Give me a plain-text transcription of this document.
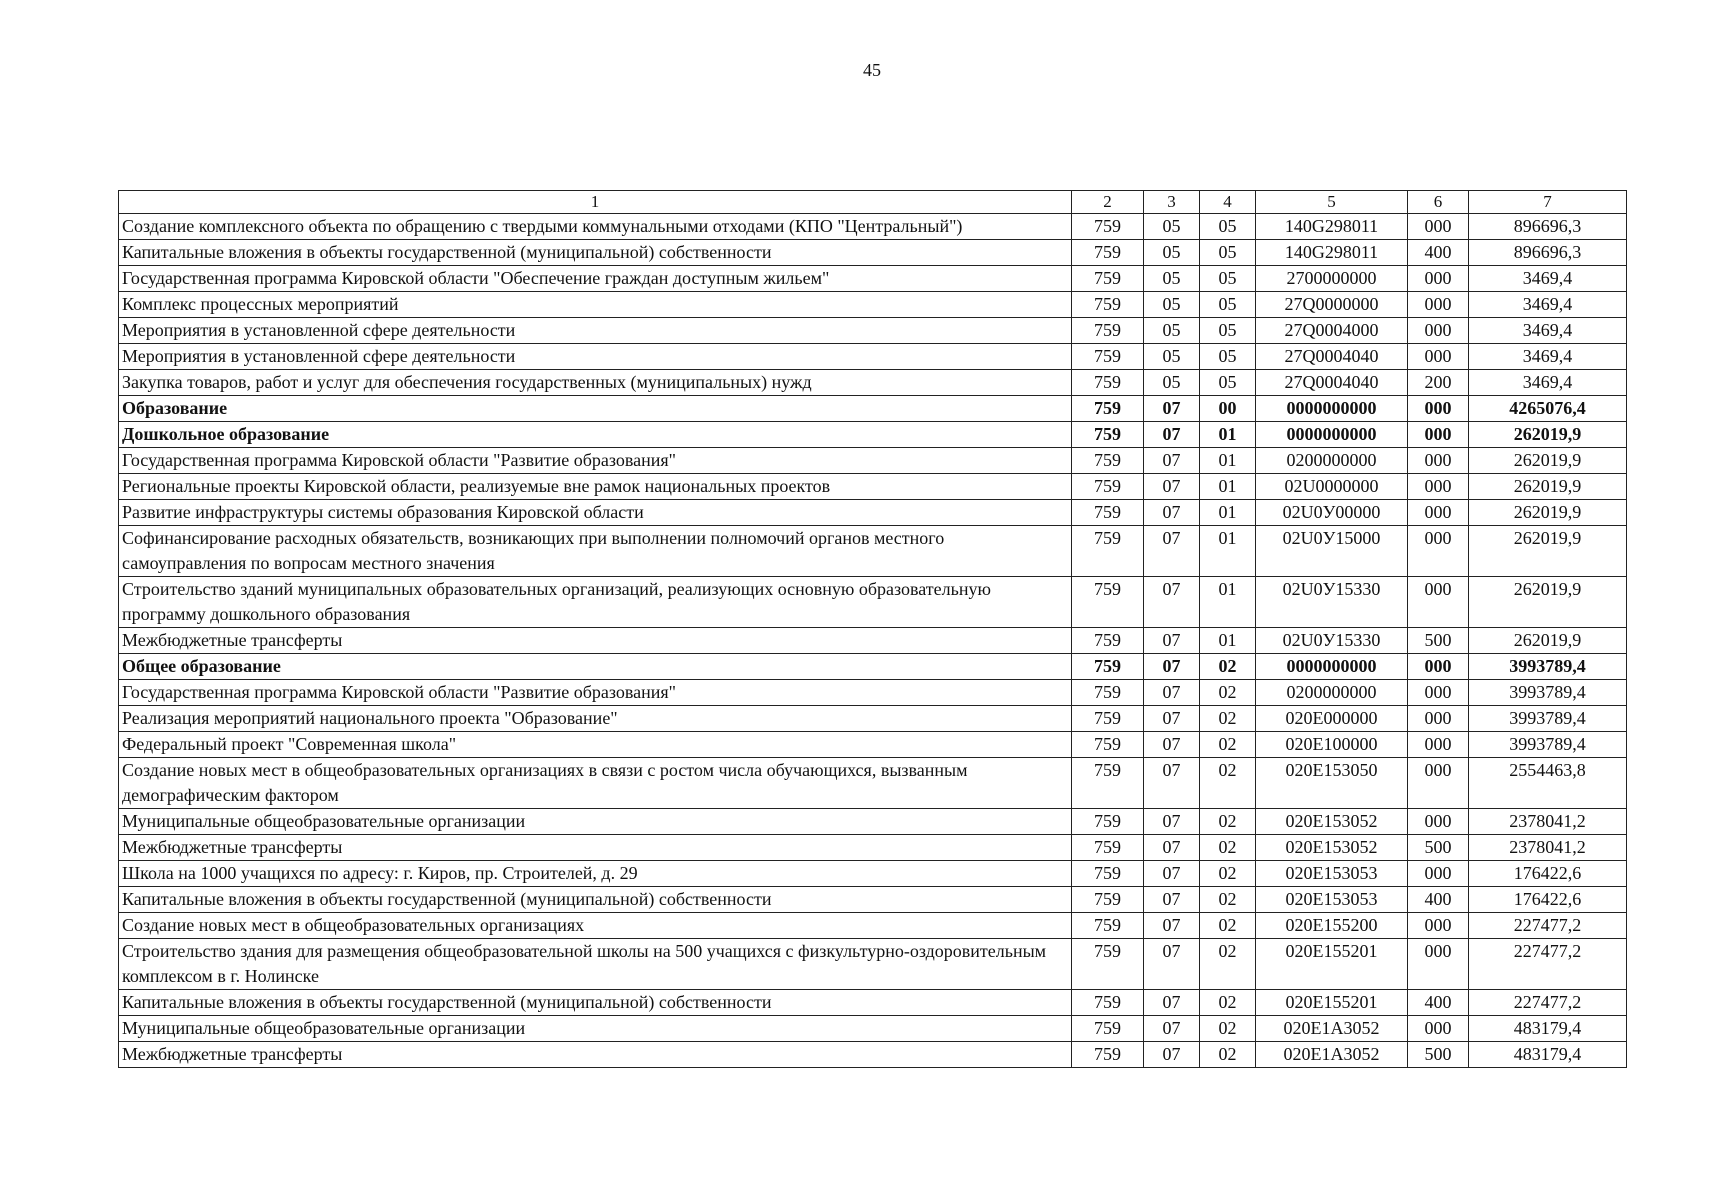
45
1	2	3	4	5	6	7
Создание комплексного объекта по обращению с твердыми коммунальными отходами (КПО "Центральный")	759	05	05	140G298011	000	896696,3
Капитальные вложения в объекты государственной (муниципальной) собственности	759	05	05	140G298011	400	896696,3
Государственная программа Кировской области "Обеспечение граждан доступным жильем"	759	05	05	2700000000	000	3469,4
Комплекс процессных мероприятий	759	05	05	27Q0000000	000	3469,4
Мероприятия в установленной сфере деятельности	759	05	05	27Q0004000	000	3469,4
Мероприятия в установленной сфере деятельности	759	05	05	27Q0004040	000	3469,4
Закупка товаров, работ и услуг для обеспечения государственных (муниципальных) нужд	759	05	05	27Q0004040	200	3469,4
Образование	759	07	00	0000000000	000	4265076,4
Дошкольное образование	759	07	01	0000000000	000	262019,9
Государственная программа Кировской области "Развитие образования"	759	07	01	0200000000	000	262019,9
Региональные проекты Кировской области, реализуемые вне рамок национальных проектов	759	07	01	02U0000000	000	262019,9
Развитие инфраструктуры системы образования Кировской области	759	07	01	02U0У00000	000	262019,9
Софинансирование расходных обязательств, возникающих при выполнении полномочий органов местного самоуправления по вопросам местного значения	759	07	01	02U0У15000	000	262019,9
Строительство зданий муниципальных образовательных организаций, реализующих основную образовательную программу дошкольного образования	759	07	01	02U0У15330	000	262019,9
Межбюджетные трансферты	759	07	01	02U0У15330	500	262019,9
Общее образование	759	07	02	0000000000	000	3993789,4
Государственная программа Кировской области "Развитие образования"	759	07	02	0200000000	000	3993789,4
Реализация мероприятий национального проекта "Образование"	759	07	02	020E000000	000	3993789,4
Федеральный проект "Современная школа"	759	07	02	020E100000	000	3993789,4
Создание новых мест в общеобразовательных организациях в связи с ростом числа обучающихся, вызванным демографическим фактором	759	07	02	020E153050	000	2554463,8
Муниципальные общеобразовательные организации	759	07	02	020E153052	000	2378041,2
Межбюджетные трансферты	759	07	02	020E153052	500	2378041,2
Школа на 1000 учащихся по адресу: г. Киров, пр. Строителей, д. 29	759	07	02	020E153053	000	176422,6
Капитальные вложения в объекты государственной (муниципальной) собственности	759	07	02	020E153053	400	176422,6
Создание новых мест в общеобразовательных организациях	759	07	02	020E155200	000	227477,2
Строительство здания для размещения общеобразовательной школы на 500 учащихся с физкультурно-оздоровительным комплексом в г. Нолинске	759	07	02	020E155201	000	227477,2
Капитальные вложения в объекты государственной (муниципальной) собственности	759	07	02	020E155201	400	227477,2
Муниципальные общеобразовательные организации	759	07	02	020E1A3052	000	483179,4
Межбюджетные трансферты	759	07	02	020E1A3052	500	483179,4
